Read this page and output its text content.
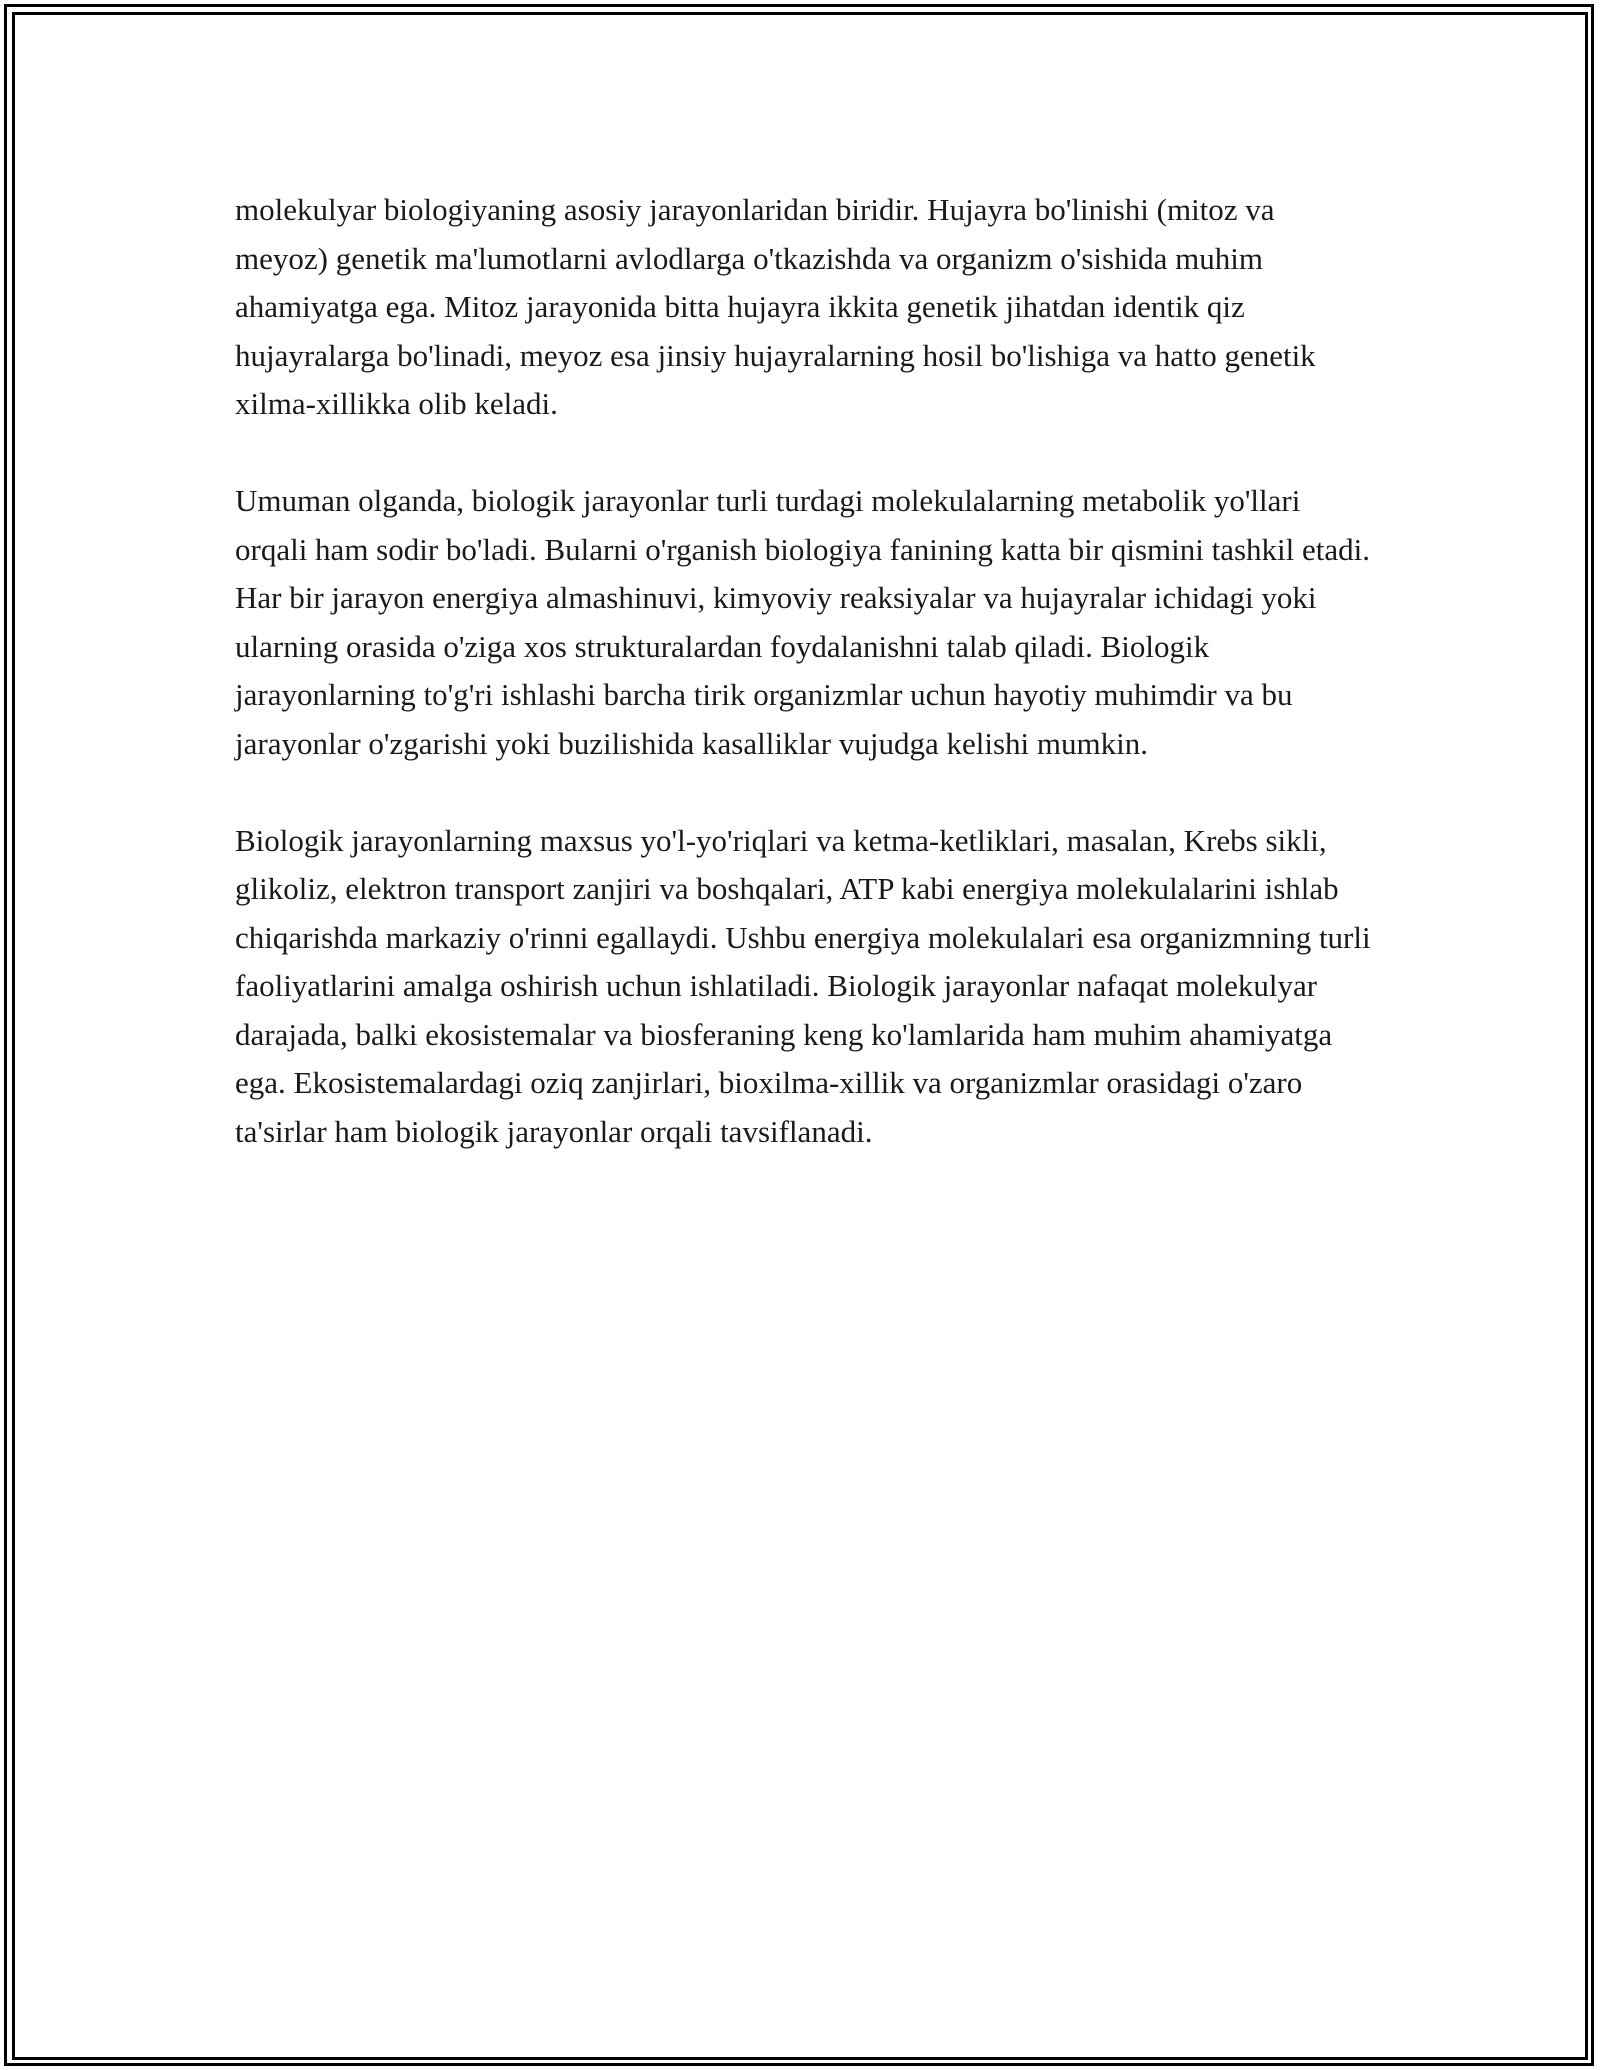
molekulyar biologiyaning asosiy jarayonlaridan biridir. Hujayra bo'linishi (mitoz va meyoz) genetik ma'lumotlarni avlodlarga o'tkazishda va organizm o'sishida muhim ahamiyatga ega. Mitoz jarayonida bitta hujayra ikkita genetik jihatdan identik qiz hujayralarga bo'linadi, meyoz esa jinsiy hujayralarning hosil bo'lishiga va hatto genetik xilma-xillikka olib keladi.

Umuman olganda, biologik jarayonlar turli turdagi molekulalarning metabolik yo'llari orqali ham sodir bo'ladi. Bularni o'rganish biologiya fanining katta bir qismini tashkil etadi. Har bir jarayon energiya almashinuvi, kimyoviy reaksiyalar va hujayralar ichidagi yoki ularning orasida o'ziga xos strukturalardan foydalanishni talab qiladi. Biologik jarayonlarning to'g'ri ishlashi barcha tirik organizmlar uchun hayotiy muhimdir va bu jarayonlar o'zgarishi yoki buzilishida kasalliklar vujudga kelishi mumkin.

Biologik jarayonlarning maxsus yo'l-yo'riqlari va ketma-ketliklari, masalan, Krebs sikli, glikoliz, elektron transport zanjiri va boshqalari, ATP kabi energiya molekulalarini ishlab chiqarishda markaziy o'rinni egallaydi. Ushbu energiya molekulalari esa organizmning turli faoliyatlarini amalga oshirish uchun ishlatiladi. Biologik jarayonlar nafaqat molekulyar darajada, balki ekosistemalar va biosferaning keng ko'lamlarida ham muhim ahamiyatga ega. Ekosistemalardagi oziq zanjirlari, bioxilma-xillik va organizmlar orasidagi o'zaro ta'sirlar ham biologik jarayonlar orqali tavsiflanadi.
